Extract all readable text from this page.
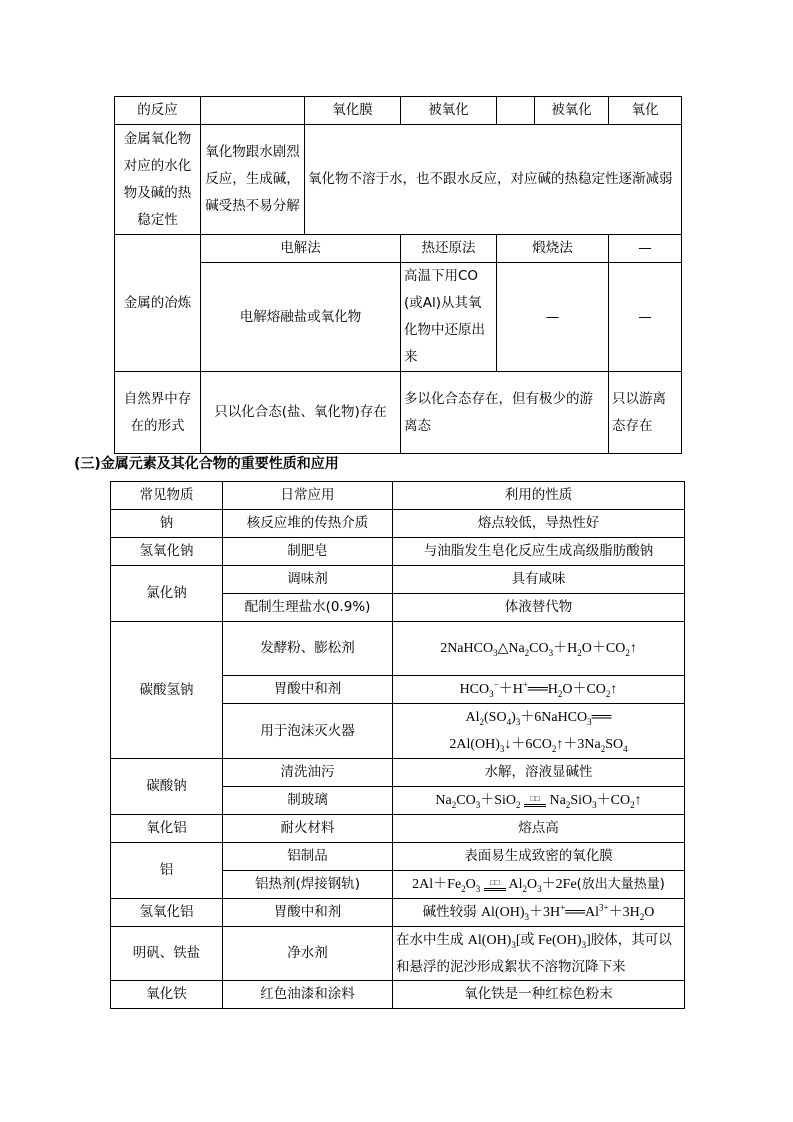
的反应		氧化膜	被氧化		被氧化	氧化
金属氧化物对应的水化物及碱的热稳定性	氧化物跟水剧烈反应，生成碱，碱受热不易分解	氧化物不溶于水，也不跟水反应，对应碱的热稳定性逐渐减弱				
金属的冶炼	电解法		热还原法	煅烧法		—
	电解熔融盐或氧化物		高温下用CO(或Al)从其氧化物中还原出来	—		—
自然界中存在的形式	只以化合态(盐、氧化物)存在		多以化合态存在，但有极少的游离态			只以游离态存在
(三)金属元素及其化合物的重要性质和应用
常见物质	日常应用	利用的性质
钠	核反应堆的传热介质	熔点较低，导热性好
氢氧化钠	制肥皂	与油脂发生皂化反应生成高级脂肪酸钠
氯化钠	调味剂	具有咸味
	配制生理盐水(0.9%)	体液替代物
碳酸氢钠	发酵粉、膨松剂	$2NaHCO_3\triangle Na_2CO_3+H_2O+CO_2↑$
	胃酸中和剂	$HCO_3^-+H^+══H_2O+CO_2↑$
	用于泡沫灭火器	$Al_2(SO_4)_3+6NaHCO_3══$
$2Al(OH)_3↓+6CO_2↑+3Na_2SO_4$
碳酸钠	清洗油污	水解，溶液显碱性
	制玻璃	$Na_2CO_3+SiO_2$
□□ $Na_2SiO_3+CO_2↑$
氧化铝	耐火材料	熔点高
铝	铝制品	表面易生成致密的氧化膜
	铝热剂(焊接钢轨)	$2Al+Fe_2O_3$
□□ $Al_2O_3+2Fe$(放出大量热量)
氢氧化铝	胃酸中和剂	碱性较弱 $Al(OH)_3+3H^+══Al^{3+}+3H_2O$
明矾、铁盐	净水剂	在水中生成 $Al(OH)_3$[或 $Fe(OH)_3$]胶体，其可以和悬浮的泥沙形成絮状不溶物沉降下来
氧化铁	红色油漆和涂料	氧化铁是一种红棕色粉末
